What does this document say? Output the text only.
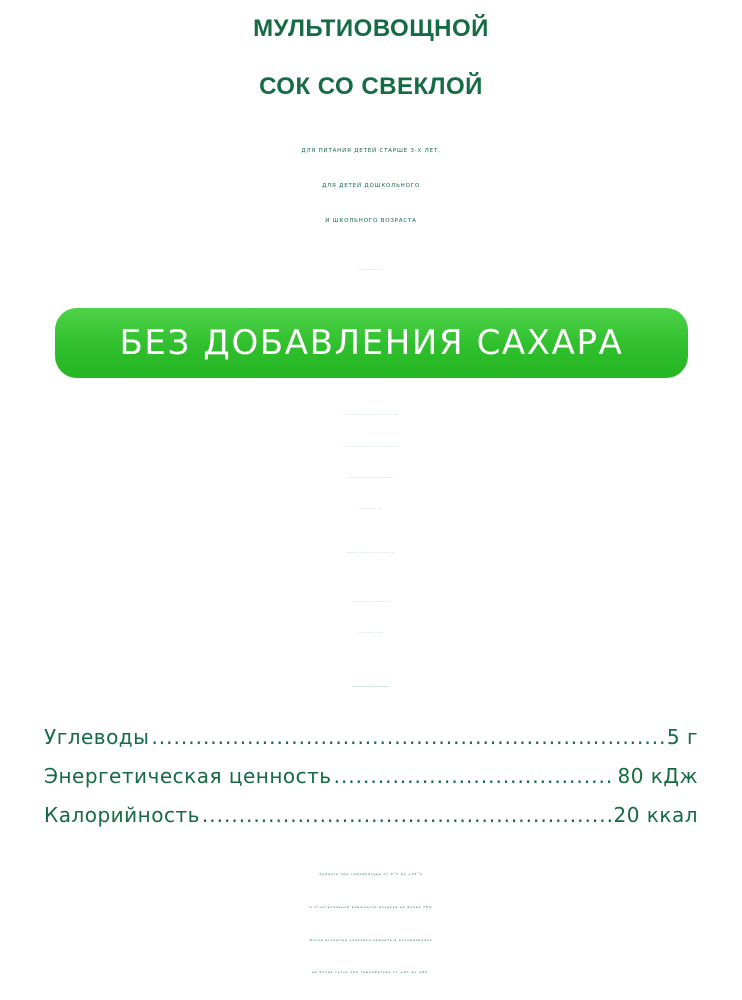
МУЛЬТИОВОЩНОЙ
СОК СО СВЕКЛОЙ
ДЛЯ ПИТАНИЯ ДЕТЕЙ СТАРШЕ 3-Х ЛЕТ,
ДЛЯ ДЕТЕЙ ДОШКОЛЬНОГО
И ШКОЛЬНОГО ВОЗРАСТА
БЕЗ ДОБАВЛЕНИЯ САХАРА
Состав: Томатное пюре,сок из смеси овощных пюре
и соков (томатное пюре,пюре перца,морковный сок,
огуречный сок,сок салата,сок петрушки),
свекольное пюре,соль.
Содержание поваренной соли не более 0,6%.
Изготовлен из концентрированных
овощных пюре и соков.
ПИЩЕВАЯ ЦЕННОСТЬ НА 100 Г (СРЕДНИЕ ЗНАЧЕНИЯ):
Углеводы .....	5 г
Энергетическая ценность .....	80 кДж
Калорийность .....	20 ккал
Хранить при температуре от 0˚С до +25˚С
и относительной влажности воздуха не более 75%
После вскрытия упаковки хранить в холодильнике
не более суток при температуре от +2С до +6С.
